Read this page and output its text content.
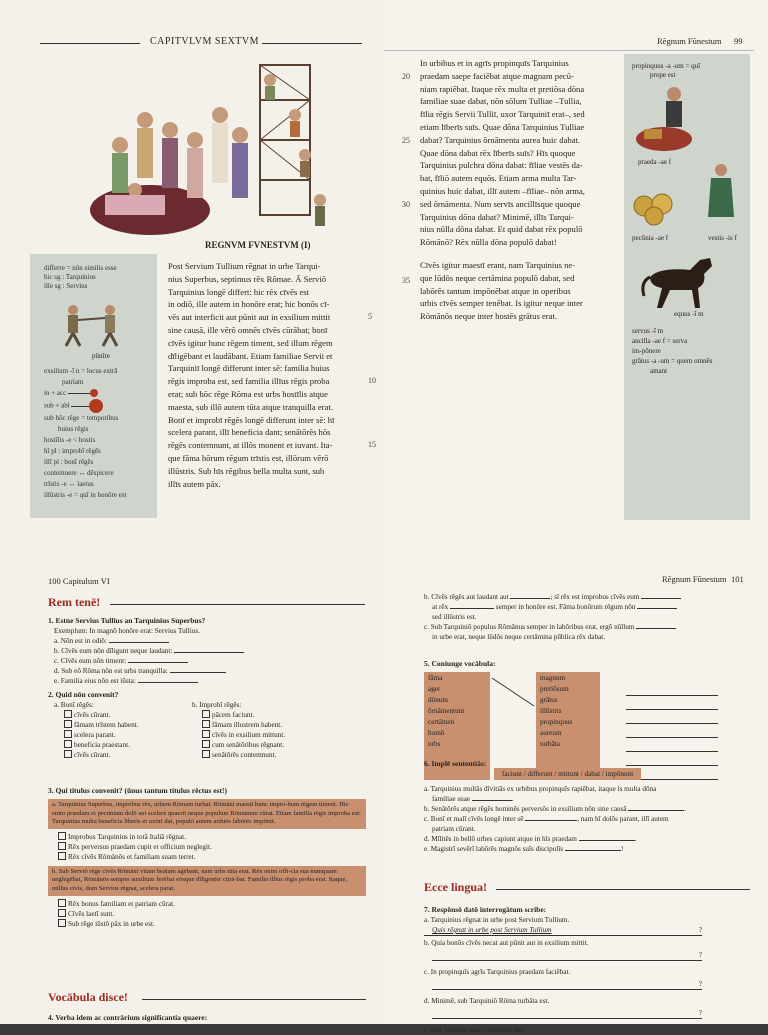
CAPITVLVM SEXTVM
REGNVM FVNESTVM (I)
differre = nōn similis esse
hic sg : Tarquinius
ille sg : Servius
pūnīre
exsilium -ī n = locus extrā
patriam
in + acc
sub + abl
sub hōc rēge = temporibus
huius rēgis
hostīlis -e < hostis
hī pl : improbī rēgēs
illī pl : bonī rēgēs
contemnere ↔ dēspicere
trīstis -e ↔ laetus
illūstris -e = quī in honōre est
Post Servium Tullium rēgnat in urbe Tarqui-
nius Superbus, septimus rēx Rōmae. Ā Serviō
Tarquinius longē differt: hic rēx cīvēs est
in odiō, ille autem in honōre erat; hic bonōs cī-
vēs aut interficit aut pūnit aut in exsilium mittit
sine causā, ille vērō omnēs cīvēs cūrābat; bonī
cīvēs igitur hunc rēgem timent, sed illum rēgem
dīligēbant et laudābant. Etiam familiae Servii et
Tarquiniī longē differunt inter sē: familia huius
rēgis improba est, sed familia illīus rēgis proba
erat; sub hōc rēge Rōma est urbs hostīlis atque
maesta, sub illō autem tūta atque tranquilla erat.
Bonī et improbī rēgēs longē differunt inter sē: hī
scelera parant, illī beneficia dant; senātōrēs hōs
rēgēs contemnunt, at illōs monent et iuvant. Ita-
que fāma hōrum rēgum trīstis est, illōrum vērō
illūstris. Sub hīs rēgibus bella multa sunt, sub
illīs autem pāx.
5
10
15
Rēgnum Fūnestum 99
In urbibus et in agrīs propinquīs Tarquinius
praedam saepe faciēbat atque magnam pecū-
niam rapiēbat. Itaque rēx multa et pretiōsa dōna
familiae suae dabat, nōn sōlum Tulliae –Tullia,
fīlia rēgis Servii Tulliī, uxor Tarquiniī erat–, sed
etiam līberīs suīs. Quae dōna Tarquinius Tulliae
dabat? Tarquinius ōrnāmenta aurea huic dabat.
Quae dōna dabat rēx līberīs suīs? Hīs quoque
Tarquinius pulchra dōna dabat: fīliae vestēs da-
bat, fīliō autem equōs. Etiam arma multa Tar-
quinius huic dabat, illī autem –fīliae– nōn arma,
sed ōrnāmenta. Num servīs ancillīsque quoque
Tarquinius dōna dabat? Minimē, illīs Tarqui-
nius nūlla dōna dabat. Et quid dabat rēx populō
Rōmānō? Rēx nūlla dōna populō dabat!
Cīvēs igitur maestī erant, nam Tarquinius ne-
que lūdōs neque certāmina populō dabat, sed
labōrēs tantum impōnēbat atque in operibus
urbis cīvēs semper tenēbat. Is igitur neque inter
Rōmānōs neque inter hostēs grātus erat.
20
25
30
35
propinquus -a -um = quī
prope est
praeda -ae f
pecūnia -ae f	vestis -is f
equus -ī m
servus -ī m
ancilla -ae f = serva
im-pōnere
grātus -a -um = quem omnēs
amant
100 Capitulum VI
Rem tenē!
1. Estne Servius Tullius an Tarquinius Superbus?
Exemplum: In magnō honōre erat: Servius Tullius.
a. Nōn est in odiō:
b. Cīvēs eum nōn dīligunt neque laudant:
c. Cīvēs eum nōn timent:
d. Sub eō Rōma nōn est urbs tranquilla:
e. Familia eius nōn est iūsta:
2. Quid nōn convenit?
a. Bonī rēgēs:
cīvēs cūrant.
fāmam trīstem habent.
scelera parant.
beneficia praestant.
cīvēs cūrant.
b. Improbī rēgēs:
pācem faciunt.
fāmam illustrem habent.
cīvēs in exsilium mittunt.
cum senātōribus rēgnant.
senātōrēs contemnunt.
3. Quī titulus convenit? (ūnus tantum titulus rēctus est!)
a. Tarquinius Superbus, improbus rēx, urbem Rōmam turbat. Rōmānī maestī hunc impro-bum rēgem timent. Hic enim praedam et pecūniam dolō aut scelere quaerit neque populum Rōmānum cūrat. Etiam familia rēgis improba est: Tarquinius multa beneficia līberīs et uxōrī dat, populō autem arduōs labōrēs impōnit.
Improbus Tarquinius in totā Italiā rēgnat.
Rēx perversus praedam cupit et officium neglegit.
Rēx cīvēs Rōmānōs et familiam suam terret.
b. Sub Serviō rēge cīvēs Rōmānī vītam beātam agēbant, nam urbs tūta erat. Rēx enim offi-cia sua numquam neglegēbat, Rōmānōs semper auxilium ferēbat eōsque dīligenter cūrā-bat. Familia illīus rēgis proba erat. Itaque, nūllus cīvis, dum Servius rēgnat, scelera parat.
Rēx bonus familiam et patriam cūrat.
Cīvēs laetī sunt.
Sub rēge iūstō pāx in urbe est.
Vocābula disce!
4. Verba idem ac contrārium significantia quaere:
Rēgnum Fūnestum 101
b. Cīvēs rēgēs aut laudant aut	; sī rēx est improbus cīvēs eum
at rēx	semper in honōre est. Fāma bonōrum rēgum nōn
sed illūstris est.
c. Sub Tarquiniō populus Rōmānus semper in labōribus erat, ergō nūllum
in urbe erat, neque lūdōs neque certāmina pūblica rēx dabat.
5. Coniunge vocābula:
fāma
ager
dōnum
ōrnāmentum
certāmen
homō
urbs
magnum
pretiōsum
grātus
illūstris
propinquus
aureum
turbāta
6. Implē sententiās:
faciunt / differunt / mittunt / dabat / impōnunt
a. Tarquinius multās dīvitiās ex urbibus propinquīs rapiēbat, itaque is multa dōna
familiae suae	.
b. Senātōrēs atque rēgēs hominēs perversōs in exsilium nōn sine causā	.
c. Bonī et malī cīvēs longē inter sē	, nam hī dolōs parant, illī autem
patriam cūrant.
d. Mīlitēs in bellō urbes capiunt atque in hīs praedam	.
e. Magistrī sevērī labōrēs magnōs suīs discipulīs	!
Ecce lingua!
7. Respōnsō datō interrogātum scribe:
a. Tarquinius rēgnat in urbe post Servium Tullium.
Quis rēgnat in urbe post Servium Tullium	?
b. Quia bonōs cīvēs necat aut pūnit aut in exsilium mittit.
?
c. In propinquīs agrīs Tarquinius praedam faciēbat.
?
d. Minimē, sub Tarquiniō Rōma turbāta est.
?
e. Rēx familiae suae pecūniam dat.
